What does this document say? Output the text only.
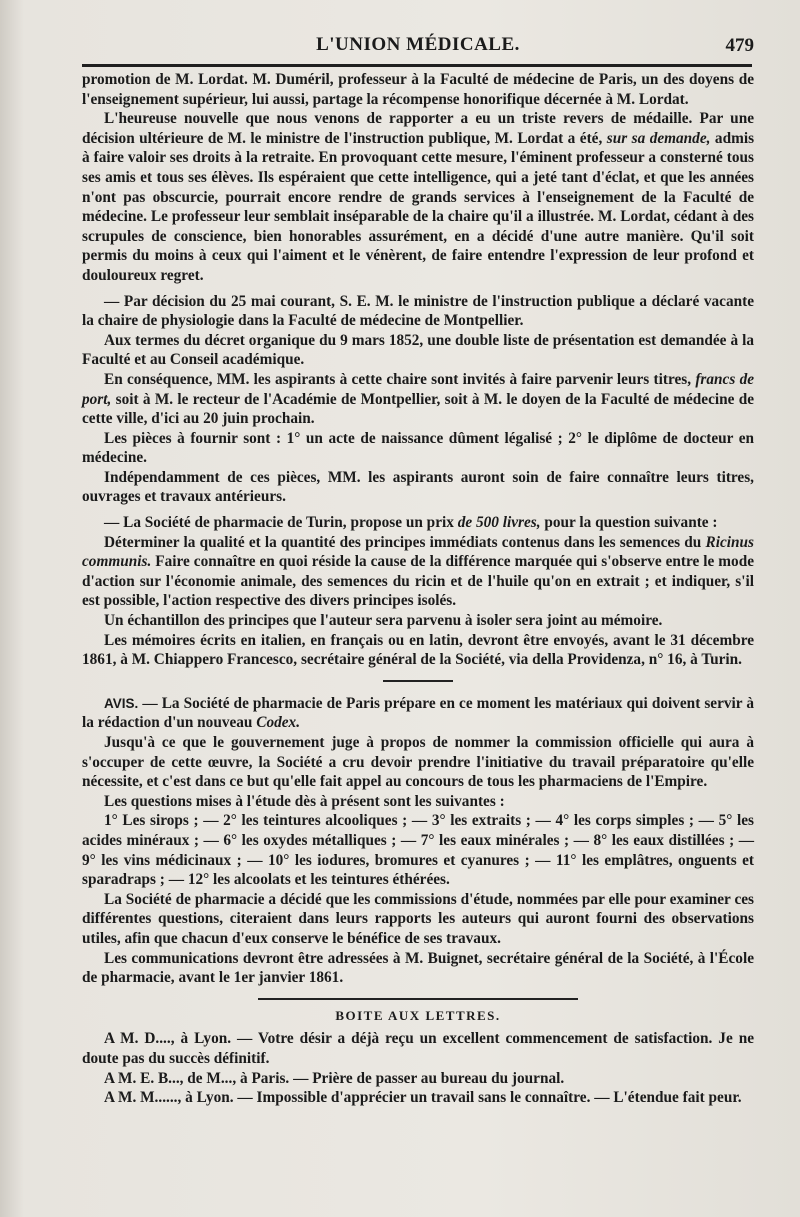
L'UNION MÉDICALE.	479

promotion de M. Lordat. M. Duméril, professeur à la Faculté de médecine de Paris, un des doyens de l'enseignement supérieur, lui aussi, partage la récompense honorifique décernée à M. Lordat.

L'heureuse nouvelle que nous venons de rapporter a eu un triste revers de médaille. Par une décision ultérieure de M. le ministre de l'instruction publique, M. Lordat a été, sur sa demande, admis à faire valoir ses droits à la retraite. En provoquant cette mesure, l'éminent professeur a consterné tous ses amis et tous ses élèves. Ils espéraient que cette intelligence, qui a jeté tant d'éclat, et que les années n'ont pas obscurcie, pourrait encore rendre de grands services à l'enseignement de la Faculté de médecine. Le professeur leur semblait inséparable de la chaire qu'il a illustrée. M. Lordat, cédant à des scrupules de conscience, bien honorables assurément, en a décidé d'une autre manière. Qu'il soit permis du moins à ceux qui l'aiment et le vénèrent, de faire entendre l'expression de leur profond et douloureux regret.

— Par décision du 25 mai courant, S. E. M. le ministre de l'instruction publique a déclaré vacante la chaire de physiologie dans la Faculté de médecine de Montpellier.

Aux termes du décret organique du 9 mars 1852, une double liste de présentation est demandée à la Faculté et au Conseil académique.

En conséquence, MM. les aspirants à cette chaire sont invités à faire parvenir leurs titres, francs de port, soit à M. le recteur de l'Académie de Montpellier, soit à M. le doyen de la Faculté de médecine de cette ville, d'ici au 20 juin prochain.

Les pièces à fournir sont : 1° un acte de naissance dûment légalisé ; 2° le diplôme de docteur en médecine.

Indépendamment de ces pièces, MM. les aspirants auront soin de faire connaître leurs titres, ouvrages et travaux antérieurs.

— La Société de pharmacie de Turin, propose un prix de 500 livres, pour la question suivante :

Déterminer la qualité et la quantité des principes immédiats contenus dans les semences du Ricinus communis. Faire connaître en quoi réside la cause de la différence marquée qui s'observe entre le mode d'action sur l'économie animale, des semences du ricin et de l'huile qu'on en extrait ; et indiquer, s'il est possible, l'action respective des divers principes isolés.

Un échantillon des principes que l'auteur sera parvenu à isoler sera joint au mémoire.

Les mémoires écrits en italien, en français ou en latin, devront être envoyés, avant le 31 décembre 1861, à M. Chiappero Francesco, secrétaire général de la Société, via della Providenza, n° 16, à Turin.

AVIS. — La Société de pharmacie de Paris prépare en ce moment les matériaux qui doivent servir à la rédaction d'un nouveau Codex.

Jusqu'à ce que le gouvernement juge à propos de nommer la commission officielle qui aura à s'occuper de cette œuvre, la Société a cru devoir prendre l'initiative du travail préparatoire qu'elle nécessite, et c'est dans ce but qu'elle fait appel au concours de tous les pharmaciens de l'Empire.

Les questions mises à l'étude dès à présent sont les suivantes :

1° Les sirops ; — 2° les teintures alcooliques ; — 3° les extraits ; — 4° les corps simples ; — 5° les acides minéraux ; — 6° les oxydes métalliques ; — 7° les eaux minérales ; — 8° les eaux distillées ; — 9° les vins médicinaux ; — 10° les iodures, bromures et cyanures ; — 11° les emplâtres, onguents et sparadraps ; — 12° les alcoolats et les teintures éthérées.

La Société de pharmacie a décidé que les commissions d'étude, nommées par elle pour examiner ces différentes questions, citeraient dans leurs rapports les auteurs qui auront fourni des observations utiles, afin que chacun d'eux conserve le bénéfice de ses travaux.

Les communications devront être adressées à M. Buignet, secrétaire général de la Société, à l'École de pharmacie, avant le 1er janvier 1861.

BOITE AUX LETTRES.

A M. D...., à Lyon. — Votre désir a déjà reçu un excellent commencement de satisfaction. Je ne doute pas du succès définitif.

A M. E. B..., de M..., à Paris. — Prière de passer au bureau du journal.

A M. M......, à Lyon. — Impossible d'apprécier un travail sans le connaître. — L'étendue fait peur.
